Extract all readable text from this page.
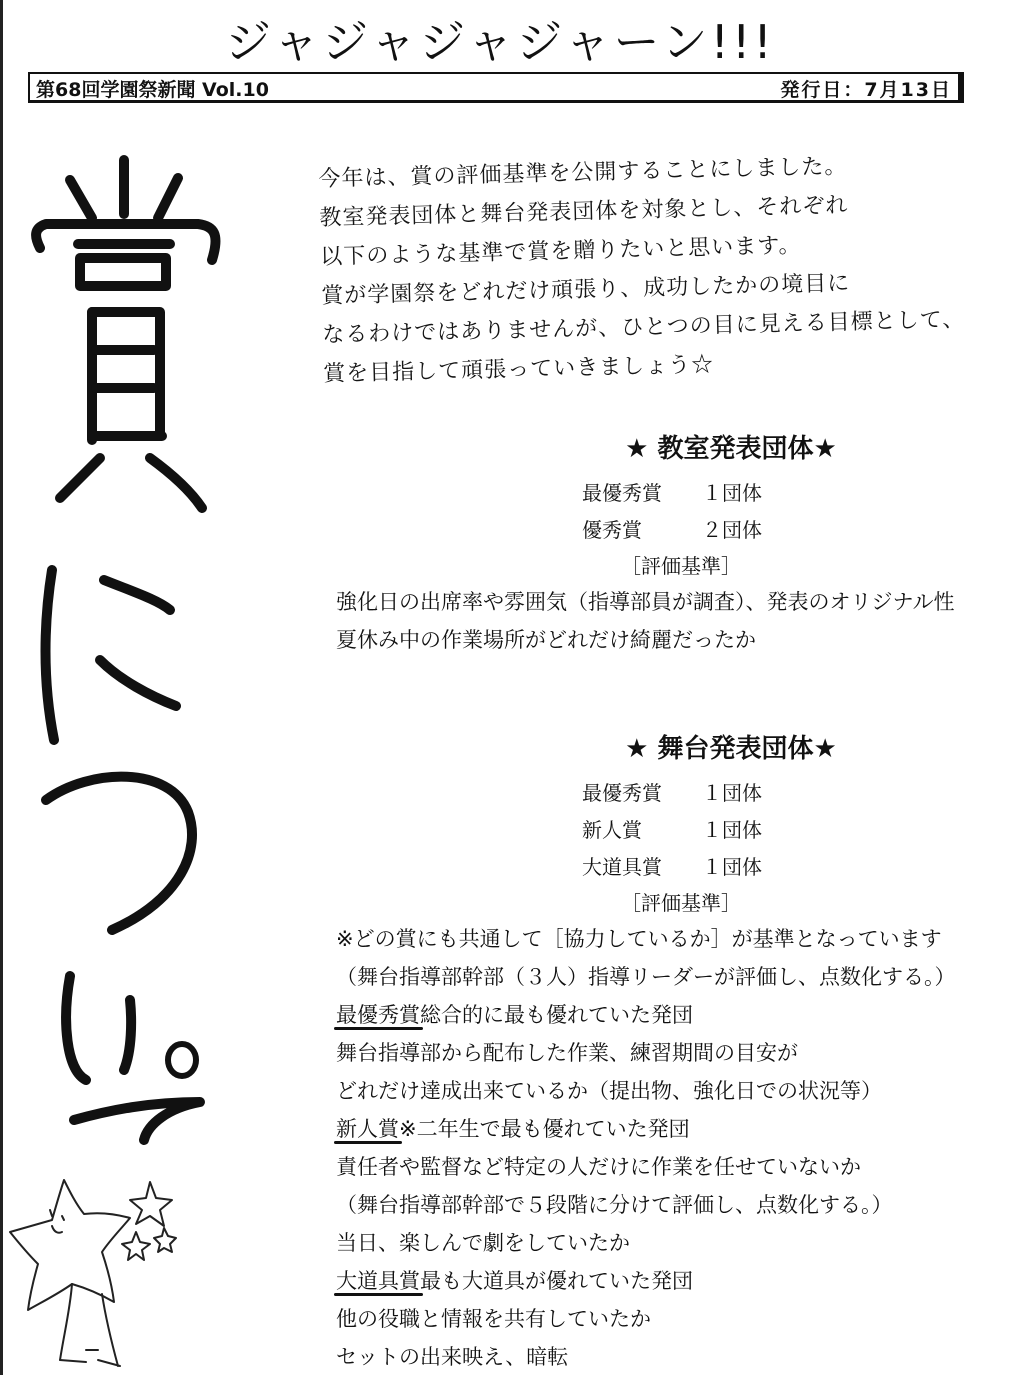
ジャジャジャジャーン!!!
第68回学園祭新聞 Vol.10	発行日：7月13日
今年は、賞の評価基準を公開することにしました。
教室発表団体と舞台発表団体を対象とし、それぞれ
以下のような基準で賞を贈りたいと思います。
賞が学園祭をどれだけ頑張り、成功したかの境目に
なるわけではありませんが、ひとつの目に見える目標として、
賞を目指して頑張っていきましょう☆
★ 教室発表団体★
最優秀賞	１団体
優秀賞	２団体
［評価基準］
強化日の出席率や雰囲気（指導部員が調査）、発表のオリジナル性
夏休み中の作業場所がどれだけ綺麗だったか
★ 舞台発表団体★
最優秀賞	１団体
新人賞	１団体
大道具賞	１団体
［評価基準］
※どの賞にも共通して［協力しているか］が基準となっています
（舞台指導部幹部（３人）指導リーダーが評価し、点数化する。）
最優秀賞総合的に最も優れていた発団
舞台指導部から配布した作業、練習期間の目安が
どれだけ達成出来ているか（提出物、強化日での状況等）
新人賞※二年生で最も優れていた発団
責任者や監督など特定の人だけに作業を任せていないか
（舞台指導部幹部で５段階に分けて評価し、点数化する。）
当日、楽しんで劇をしていたか
大道具賞最も大道具が優れていた発団
他の役職と情報を共有していたか
セットの出来映え、暗転
